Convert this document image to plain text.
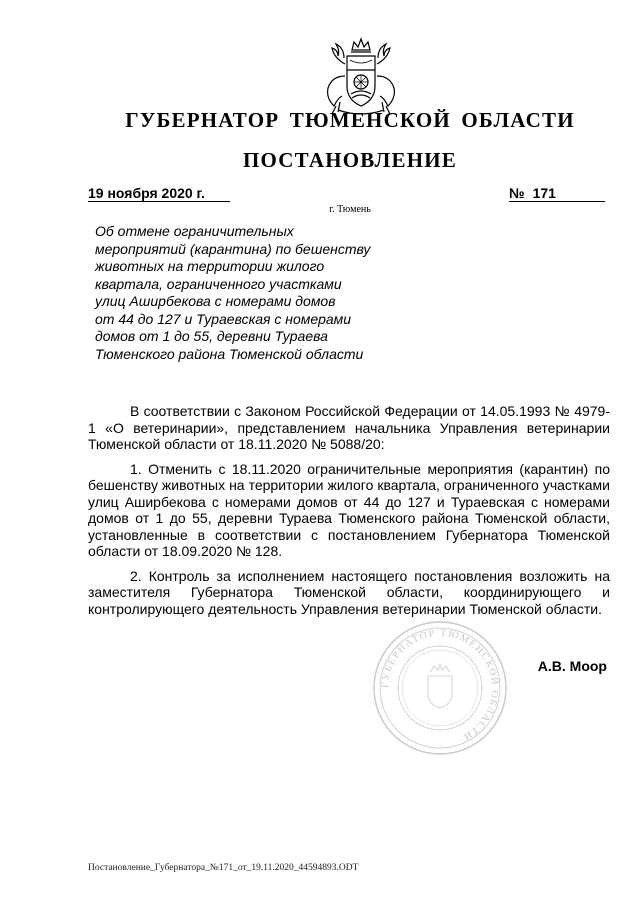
ГУБЕРНАТОР ТЮМЕНСКОЙ ОБЛАСТИ
ПОСТАНОВЛЕНИЕ
19 ноября 2020 г.	№ 171
г. Тюмень
Об отмене ограничительных
мероприятий (карантина) по бешенству
животных на территории жилого
квартала, ограниченного участками
улиц Аширбекова с номерами домов
от 44 до 127 и Тураевская с номерами
домов от 1 до 55, деревни Тураева
Тюменского района Тюменской области

В соответствии с Законом Российской Федерации от 14.05.1993 № 4979-1 «О ветеринарии», представлением начальника Управления ветеринарии Тюменской области от 18.11.2020 № 5088/20:

1. Отменить с 18.11.2020 ограничительные мероприятия (карантин) по бешенству животных на территории жилого квартала, ограниченного участками улиц Аширбекова с номерами домов от 44 до 127 и Тураевская с номерами домов от 1 до 55, деревни Тураева Тюменского района Тюменской области, установленные в соответствии с постановлением Губернатора Тюменской области от 18.09.2020 № 128.

2. Контроль за исполнением настоящего постановления возложить на заместителя Губернатора Тюменской области, координирующего и контролирующего деятельность Управления ветеринарии Тюменской области.

ГУБЕРНАТОР ТЮМЕНСКОЙ ОБЛАСТИ
А.В. Моор
Постановление_Губернатора_№171_от_19.11.2020_44594893.ODT
